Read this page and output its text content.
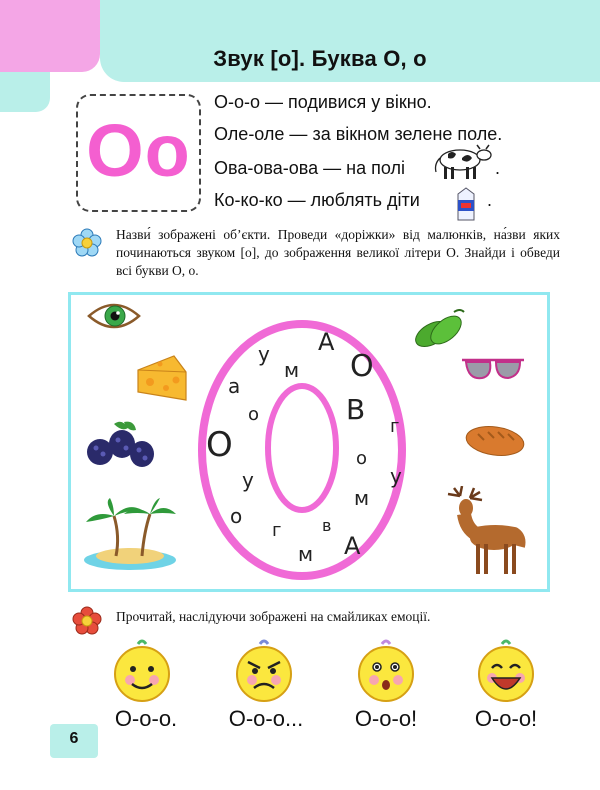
Звук [о]. Буква О, о
Оо
О-о-о — подивися у вікно.
Оле-оле — за вікном зелене поле.
Ова-ова-ова — на полі
Ко-ко-ко — люблять діти
.
.
Назви́ зображені об’єкти. Проведи «доріжки» від малюнків, на́зви яких починаються звуком [о], до зображення великої літери О. Знайди і обведи всі букви О, о.
А
у
м О
а
о	В
г
О	о
у	у
м
о
г	в
м А
Прочитай, наслідуючи зображені на смайликах емоції.
О-о-о.	О-о-о...	О-о-о!	О-о-о!
6
